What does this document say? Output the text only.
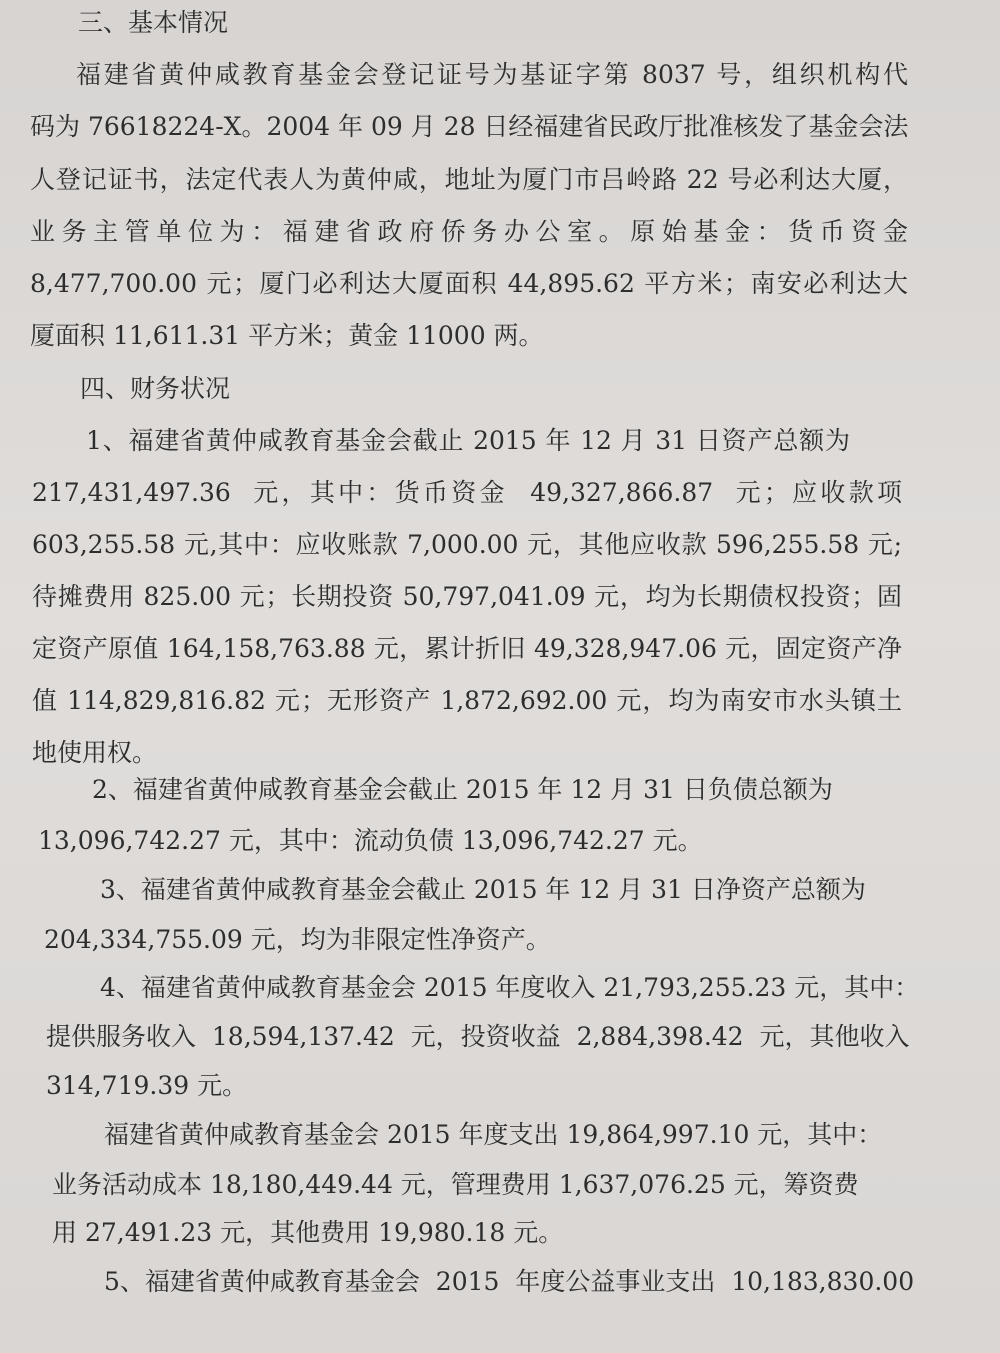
三、基本情况

福建省黄仲咸教育基金会登记证号为基证字第 8037 号，组织机构代

码为 76618224-X。2004 年 09 月 28 日经福建省民政厅批准核发了基金会法

人登记证书，法定代表人为黄仲咸，地址为厦门市吕岭路 22 号必利达大厦，

业务主管单位为：福建省政府侨务办公室。原始基金：货币资金

8,477,700.00 元；厦门必利达大厦面积 44,895.62 平方米；南安必利达大

厦面积 11,611.31 平方米；黄金 11000 两。

四、财务状况

1、福建省黄仲咸教育基金会截止 2015 年 12 月 31 日资产总额为

217,431,497.36  元，其中：货币资金  49,327,866.87  元；应收款项

603,255.58 元,其中：应收账款 7,000.00 元，其他应收款 596,255.58 元;

待摊费用 825.00 元；长期投资 50,797,041.09 元，均为长期债权投资；固

定资产原值 164,158,763.88 元，累计折旧 49,328,947.06 元，固定资产净

值 114,829,816.82 元；无形资产 1,872,692.00 元，均为南安市水头镇土

地使用权。

2、福建省黄仲咸教育基金会截止 2015 年 12 月 31 日负债总额为

13,096,742.27 元，其中：流动负债 13,096,742.27 元。

3、福建省黄仲咸教育基金会截止 2015 年 12 月 31 日净资产总额为

204,334,755.09 元，均为非限定性净资产。

4、福建省黄仲咸教育基金会 2015 年度收入 21,793,255.23 元，其中：

提供服务收入  18,594,137.42  元，投资收益  2,884,398.42  元，其他收入

314,719.39 元。

福建省黄仲咸教育基金会 2015 年度支出 19,864,997.10 元，其中：

业务活动成本 18,180,449.44 元，管理费用 1,637,076.25 元，筹资费

用 27,491.23 元，其他费用 19,980.18 元。

5、福建省黄仲咸教育基金会  2015  年度公益事业支出  10,183,830.00
